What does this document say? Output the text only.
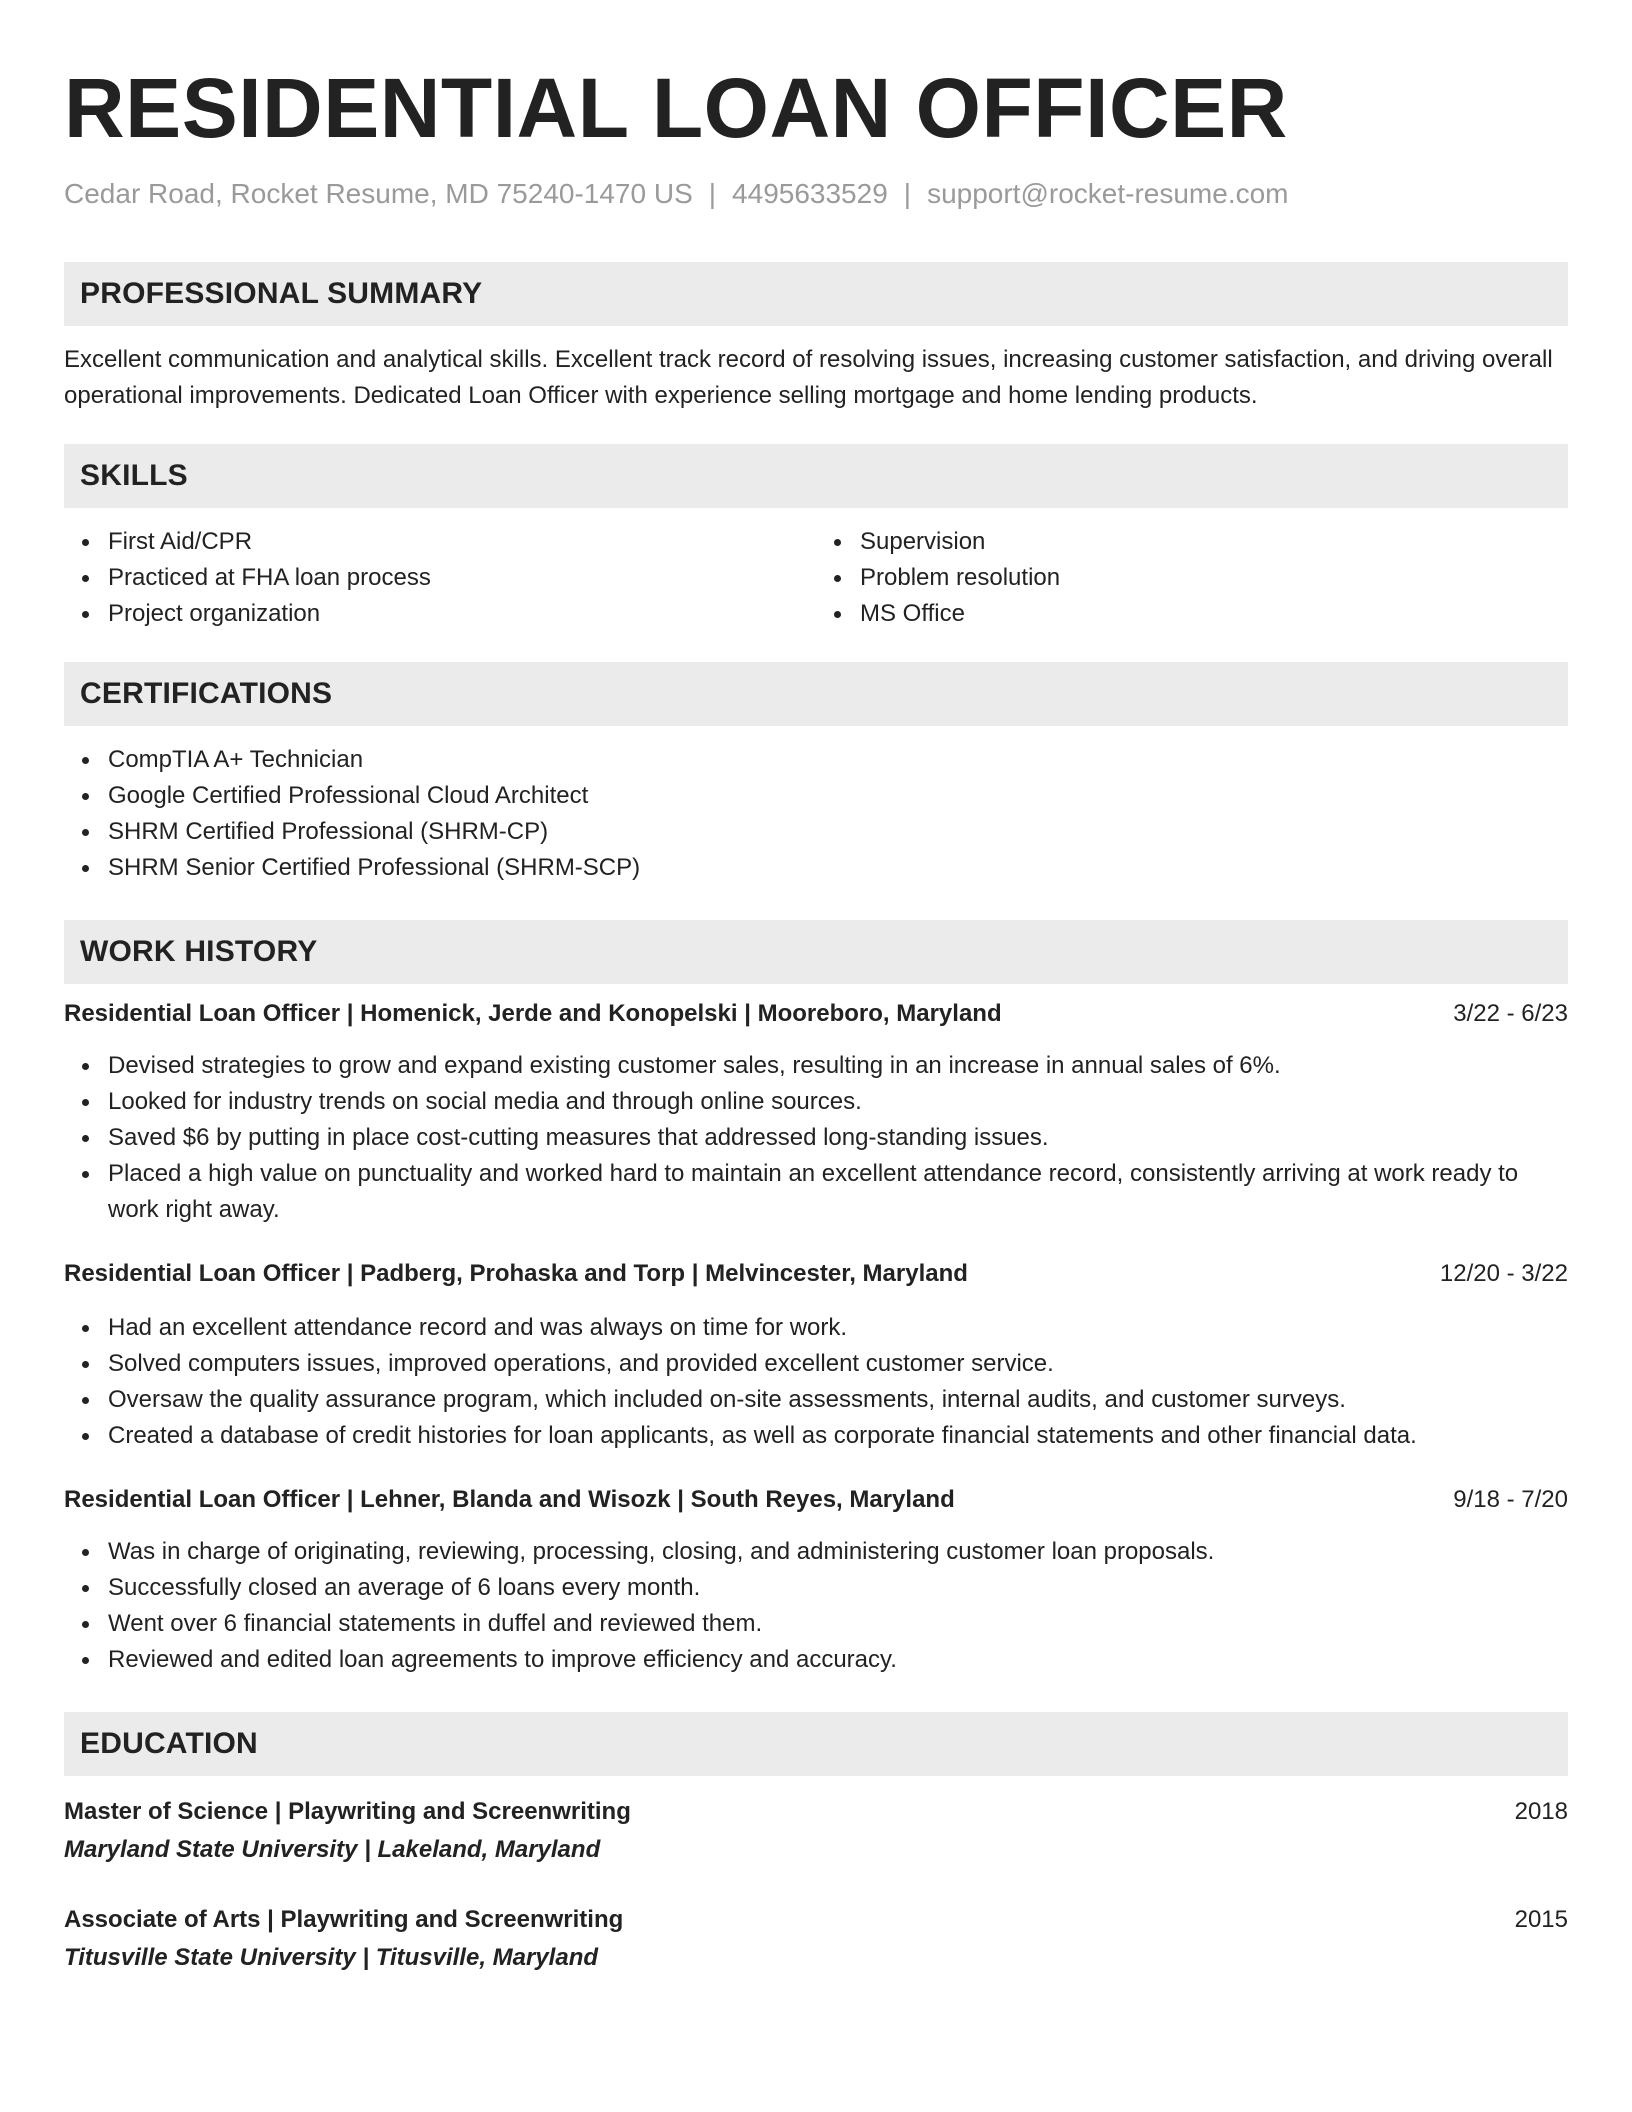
RESIDENTIAL LOAN OFFICER
Cedar Road, Rocket Resume, MD 75240-1470 US | 4495633529 | support@rocket-resume.com
PROFESSIONAL SUMMARY

Excellent communication and analytical skills. Excellent track record of resolving issues, increasing customer satisfaction, and driving overall operational improvements. Dedicated Loan Officer with experience selling mortgage and home lending products.

SKILLS
First Aid/CPR
Practiced at FHA loan process
Project organization
Supervision
Problem resolution
MS Office
CERTIFICATIONS
CompTIA A+ Technician
Google Certified Professional Cloud Architect
SHRM Certified Professional (SHRM-CP)
SHRM Senior Certified Professional (SHRM-SCP)
WORK HISTORY
Residential Loan Officer | Homenick, Jerde and Konopelski | Mooreboro, Maryland	3/22 - 6/23
Devised strategies to grow and expand existing customer sales, resulting in an increase in annual sales of 6%.
Looked for industry trends on social media and through online sources.
Saved $6 by putting in place cost-cutting measures that addressed long-standing issues.
Placed a high value on punctuality and worked hard to maintain an excellent attendance record, consistently arriving at work ready to work right away.
Residential Loan Officer | Padberg, Prohaska and Torp | Melvincester, Maryland	12/20 - 3/22
Had an excellent attendance record and was always on time for work.
Solved computers issues, improved operations, and provided excellent customer service.
Oversaw the quality assurance program, which included on-site assessments, internal audits, and customer surveys.
Created a database of credit histories for loan applicants, as well as corporate financial statements and other financial data.
Residential Loan Officer | Lehner, Blanda and Wisozk | South Reyes, Maryland	9/18 - 7/20
Was in charge of originating, reviewing, processing, closing, and administering customer loan proposals.
Successfully closed an average of 6 loans every month.
Went over 6 financial statements in duffel and reviewed them.
Reviewed and edited loan agreements to improve efficiency and accuracy.
EDUCATION
Master of Science | Playwriting and Screenwriting	2018
Maryland State University | Lakeland, Maryland
Associate of Arts | Playwriting and Screenwriting	2015
Titusville State University | Titusville, Maryland
